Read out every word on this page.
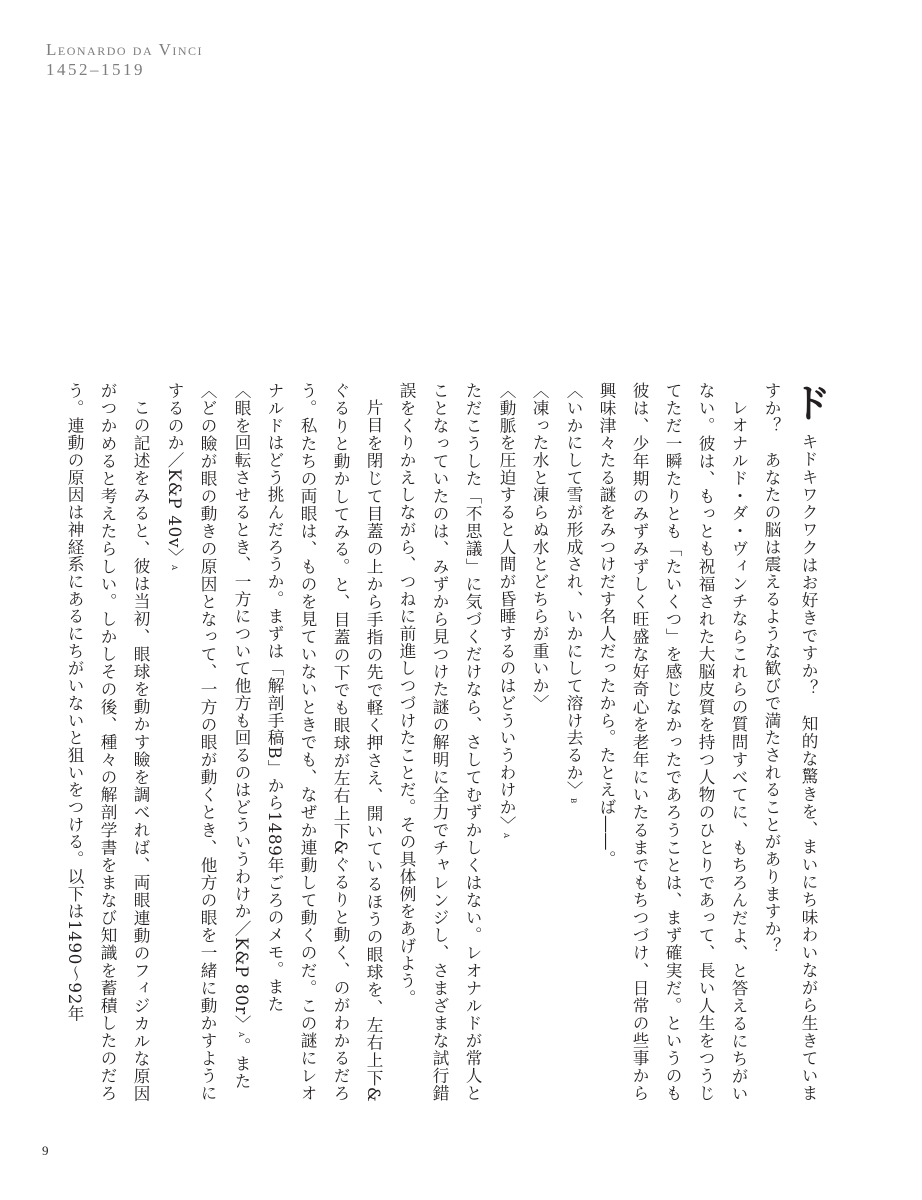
Leonardo da Vinci
1452–1519

ドキドキワクワクはお好きですか？　知的な驚きを、まいにち味わいながら生きていますか？　あなたの脳は震えるような歓びで満たされることがありますか？

レオナルド・ダ・ヴィンチならこれらの質問すべてに、もちろんだよ、と答えるにちがいない。彼は、もっとも祝福された大脳皮質を持つ人物のひとりであって、長い人生をつうじてただ一瞬たりとも「たいくつ」を感じなかったであろうことは、まず確実だ。というのも彼は、少年期のみずみずしく旺盛な好奇心を老年にいたるまでもちつづけ、日常の些事から興味津々たる謎をみつけだす名人だったから。たとえば――。

〈いかにして雪が形成され、いかにして溶け去るか〉B

〈凍った水と凍らぬ水とどちらが重いか〉

〈動脈を圧迫すると人間が昏睡するのはどういうわけか〉A

ただこうした「不思議」に気づくだけなら、さしてむずかしくはない。レオナルドが常人とことなっていたのは、みずから見つけた謎の解明に全力でチャレンジし、さまざまな試行錯誤をくりかえしながら、つねに前進しつづけたことだ。その具体例をあげよう。

片目を閉じて目蓋の上から手指の先で軽く押さえ、開いているほうの眼球を、左右上下&ぐるりと動かしてみる。と、目蓋の下でも眼球が左右上下&ぐるりと動く、のがわかるだろう。私たちの両眼は、ものを見ていないときでも、なぜか連動して動くのだ。この謎にレオナルドはどう挑んだろうか。まずは「解剖手稿B」から1489年ごろのメモ。また

〈眼を回転させるとき、一方について他方も回るのはどういうわけか／K&P 80r〉A。また

〈どの瞼が眼の動きの原因となって、一方の眼が動くとき、他方の眼を一緒に動かすようにするのか／K&P 40v〉A

この記述をみると、彼は当初、眼球を動かす瞼を調べれば、両眼連動のフィジカルな原因がつかめると考えたらしい。しかしその後、種々の解剖学書をまなび知識を蓄積したのだろう。連動の原因は神経系にあるにちがいないと狙いをつける。以下は1490～92年

9
